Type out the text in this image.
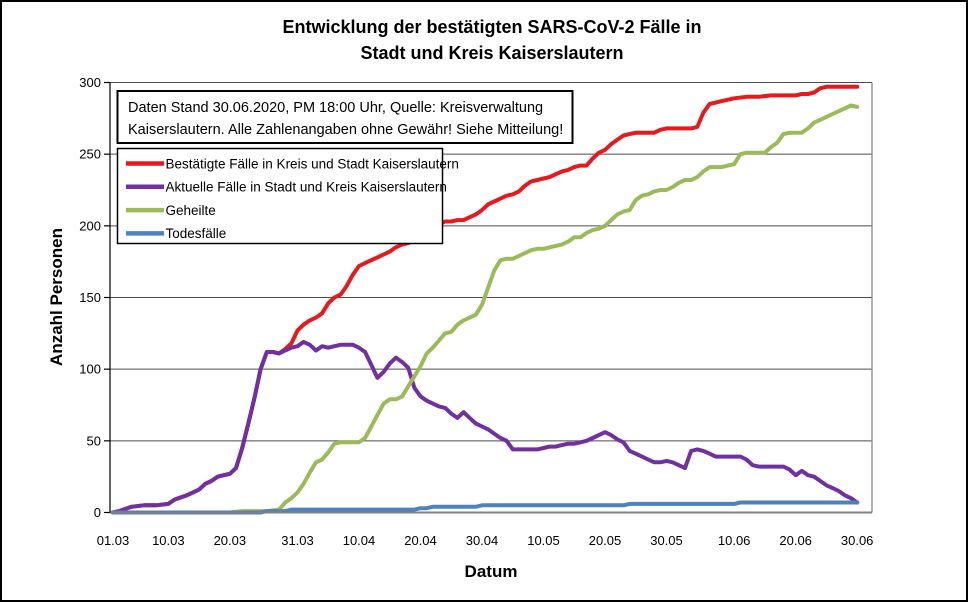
Entwicklung der bestätigten SARS-CoV-2 Fälle in
Stadt und Kreis Kaiserslautern
0
50
100
150
200
250
300
01.03 10.03 20.03	31.03 10.04 20.04 30.04 10.05 20.05 30.05	10.06 20.06 30.06
Anzahl Personen
Datum
Daten Stand 30.06.2020, PM 18:00 Uhr, Quelle: Kreisverwaltung
Kaiserslautern. Alle Zahlenangaben ohne Gewähr! Siehe Mitteilung!
Bestätigte Fälle in Kreis und Stadt Kaiserslautern
Aktuelle Fälle in Stadt und Kreis Kaiserslautern
Geheilte
Todesfälle
